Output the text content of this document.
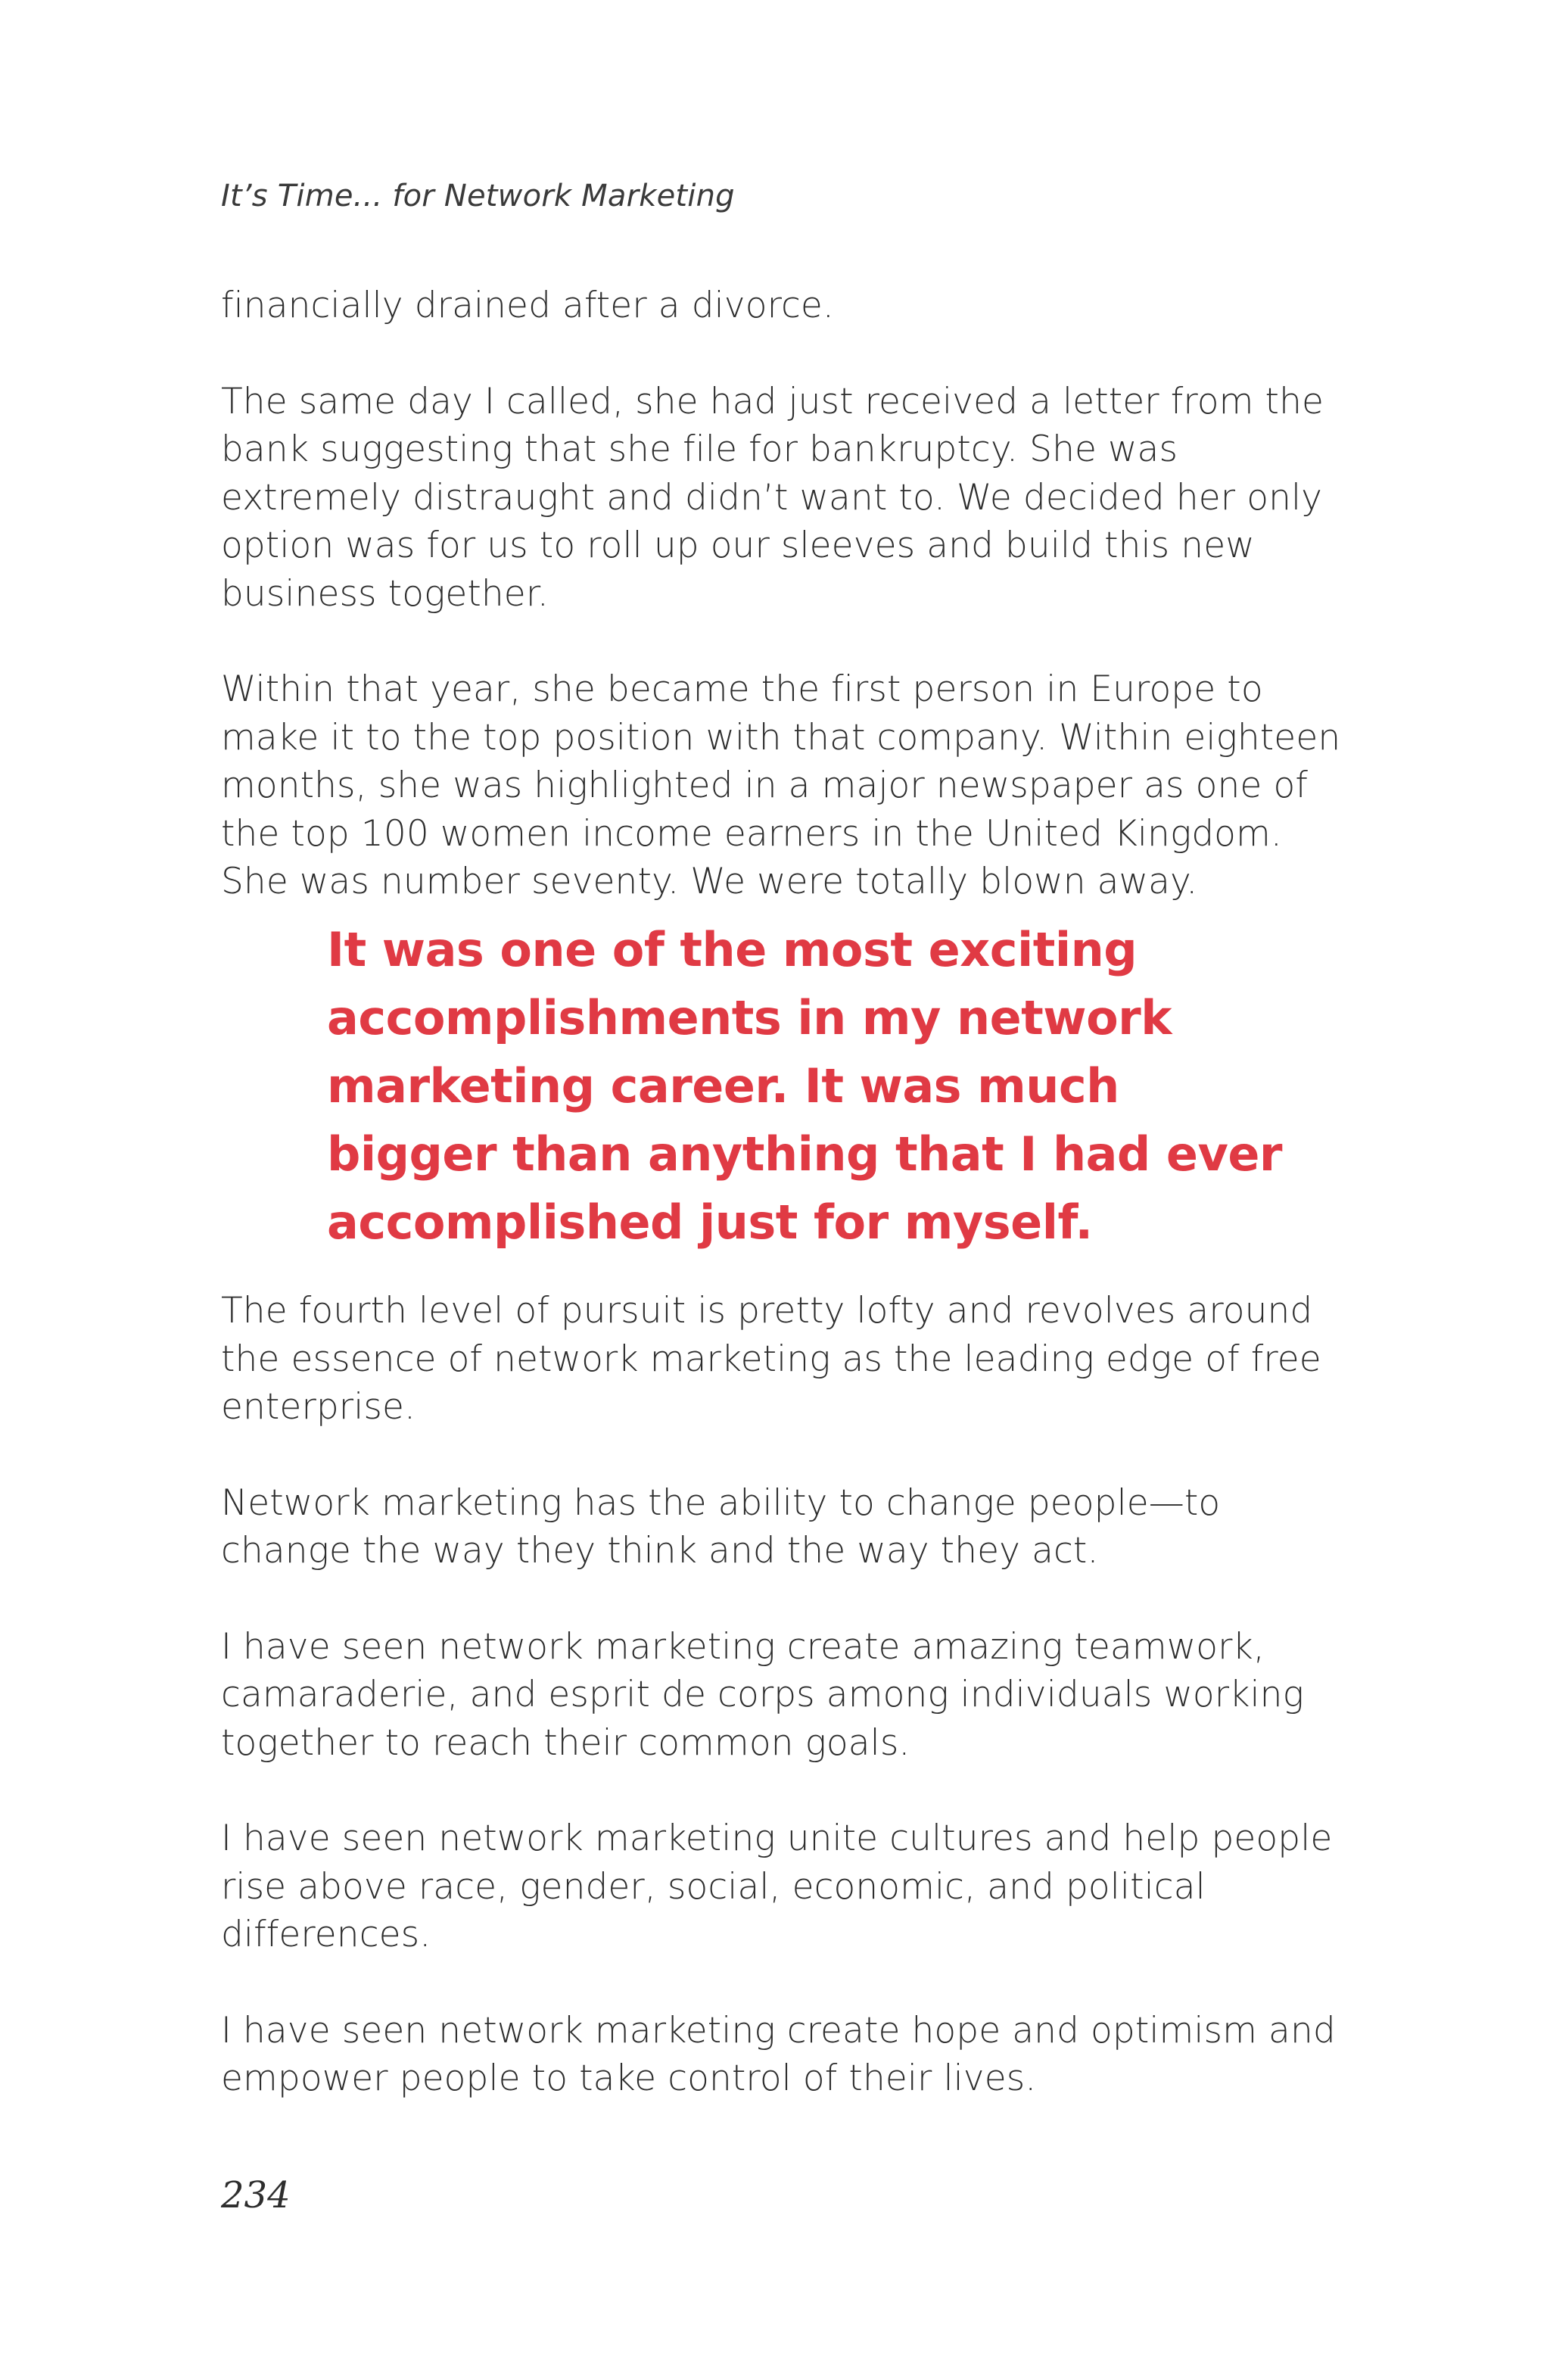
It’s Time... for Network Marketing

financially drained after a divorce.

The same day I called, she had just received a letter from the bank suggesting that she file for bankruptcy. She was extremely distraught and didn’t want to. We decided her only option was for us to roll up our sleeves and build this new business together.

Within that year, she became the first person in Europe to make it to the top position with that company. Within eighteen months, she was highlighted in a major newspaper as one of the top 100 women income earners in the United Kingdom. She was number seventy. We were totally blown away.

It was one of the most exciting accomplishments in my network marketing career. It was much bigger than anything that I had ever accomplished just for myself.

The fourth level of pursuit is pretty lofty and revolves around the essence of network marketing as the leading edge of free enterprise.

Network marketing has the ability to change people—to change the way they think and the way they act.

I have seen network marketing create amazing teamwork, camaraderie, and esprit de corps among individuals working together to reach their common goals.

I have seen network marketing unite cultures and help people rise above race, gender, social, economic, and political differences.

I have seen network marketing create hope and optimism and empower people to take control of their lives.

234
